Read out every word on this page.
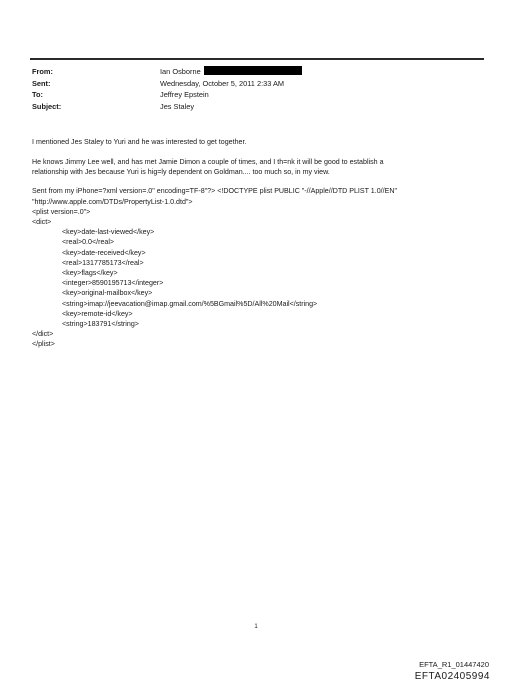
From:	Ian Osborne
Sent:	Wednesday, October 5, 2011 2:33 AM
To:	Jeffrey Epstein
Subject:	Jes Staley

I mentioned Jes Staley to Yuri and he was interested to get together.

He knows Jimmy Lee well, and has met Jamie Dimon a couple of times, and I th=nk it will be good to establish a
relationship with Jes because Yuri is hig=ly dependent on Goldman.... too much so, in my view.
Sent from my iPhone=?xml version=.0" encoding=TF-8"?> <!DOCTYPE plist PUBLIC "-//Apple//DTD PLIST 1.0//EN"
"http://www.apple.com/DTDs/PropertyList-1.0.dtd">
<plist version=.0">
<dict>
<key>date-last-viewed</key>
<real>0.0</real>
<key>date-received</key>
<real>1317785173</real>
<key>flags</key>
<integer>8590195713</integer>
<key>original-mailbox</key>
<string>imap://jeevacation@imap.gmail.com/%5BGmail%5D/All%20Mail</string>
<key>remote-id</key>
<string>183791</string>
</dict>
</plist>
1
EFTA_R1_01447420
EFTA02405994
